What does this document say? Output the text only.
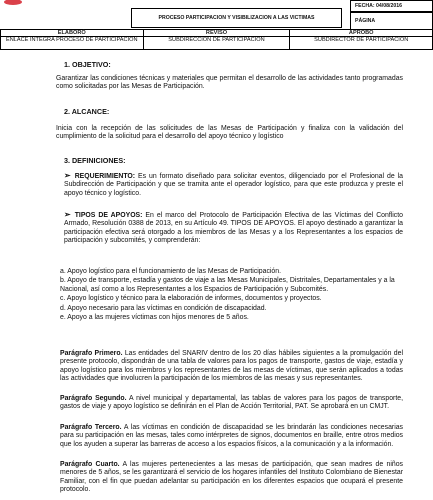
PROCESO PARTICIPACION Y VISIBILIZACION A LAS VICTIMAS
FECHA: 04/08/2016
PÁGINA
ELABORÓ	REVISÓ	APROBÓ
ENLACE INTEGRA PROCESO DE PARTICIPACION	SUBDIRECCION DE PARTICIPACION	SUBDIRECTOR DE PARTICIPACION
1. OBJETIVO:
Garantizar las condiciones técnicas y materiales que permitan el desarrollo de las actividades tanto programadas como solicitadas por las Mesas de Participación.
2. ALCANCE:
Inicia con la recepción de las solicitudes de las Mesas de Participación y finaliza con la validación del cumplimiento de la solicitud para el desarrollo del apoyo técnico y logístico
3. DEFINICIONES:
➢ REQUERIMIENTO: Es un formato diseñado para solicitar eventos, diligenciado por el Profesional de la Subdirección de Participación y que se tramita ante el operador logístico, para que este produzca y preste el apoyo técnico y logístico.
➢ TIPOS DE APOYOS: En el marco del Protocolo de Participación Efectiva de las Víctimas del Conflicto Armado, Resolución 0388 de 2013, en su Artículo 49. TIPOS DE APOYOS. El apoyo destinado a garantizar la participación efectiva será otorgado a los miembros de las Mesas y a los Representantes a los espacios de participación y subcomités, y comprenderán:
a. Apoyo logístico para el funcionamiento de las Mesas de Participación.
b. Apoyo de transporte, estadía y gastos de viaje a las Mesas Municipales, Distritales, Departamentales y a la Nacional, así como a los Representantes a los Espacios de Participación y Subcomités.
c. Apoyo logístico y técnico para la elaboración de informes, documentos y proyectos.
d. Apoyo necesario para las víctimas en condición de discapacidad.
e. Apoyo a las mujeres víctimas con hijos menores de 5 años.
Parágrafo Primero. Las entidades del SNARIV dentro de los 20 días hábiles siguientes a la promulgación del presente protocolo, dispondrán de una tabla de valores para los pagos de transporte, gastos de viaje, estadía y apoyo logístico para los miembros y los representantes de las mesas de víctimas, que serán aplicados a todas las actividades que involucren la participación de los miembros de las mesas y sus representantes.
Parágrafo Segundo. A nivel municipal y departamental, las tablas de valores para los pagos de transporte, gastos de viaje y apoyo logístico se definirán en el Plan de Acción Territorial, PAT. Se aprobará en un CMJT.
Parágrafo Tercero. A las víctimas en condición de discapacidad se les brindarán las condiciones necesarias para su participación en las mesas, tales como intérpretes de signos, documentos en braille, entre otros medios que los ayuden a superar las barreras de acceso a los espacios físicos, a la comunicación y a la información.
Parágrafo Cuarto. A las mujeres pertenecientes a las mesas de participación, que sean madres de niños menores de 5 años, se les garantizará el servicio de los hogares infantiles del Instituto Colombiano de Bienestar Familiar, con el fin que puedan adelantar su participación en los diferentes espacios que ocupará el presente protocolo.
